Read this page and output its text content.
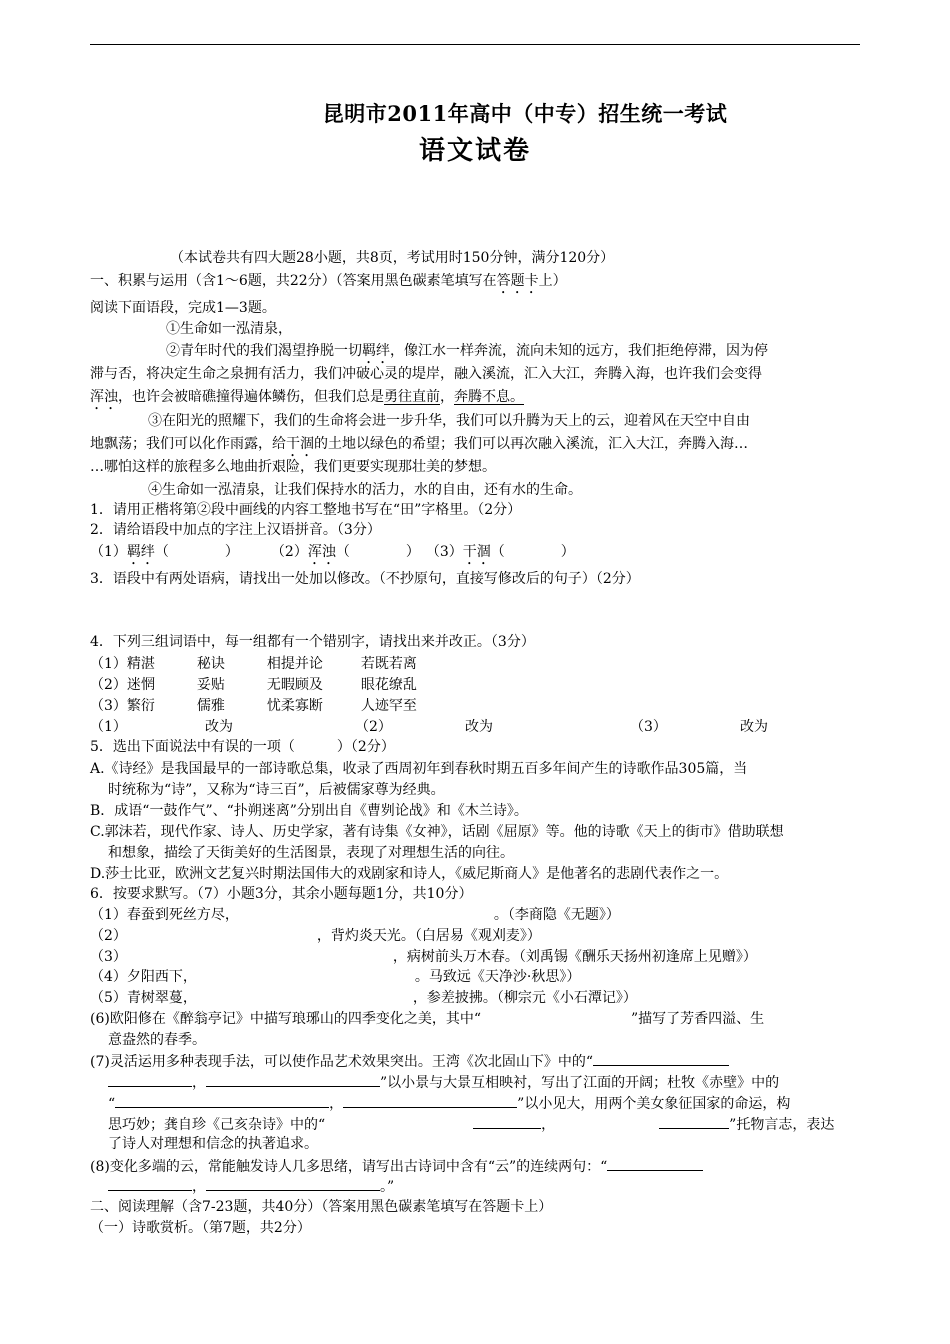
昆明市2011年高中（中专）招生统一考试
语文试卷
（本试卷共有四大题28小题，共8页，考试用时150分钟，满分120分）
一、积累与运用（含1～6题，共22分）（答案用黑色碳素笔填写在答题卡上）
阅读下面语段，完成1—3题。
①生命如一泓清泉，
②青年时代的我们渴望挣脱一切羁绊，像江水一样奔流，流向未知的远方，我们拒绝停滞，因为停
滞与否，将决定生命之泉拥有活力，我们冲破心灵的堤岸，融入溪流，汇入大江，奔腾入海，也许我们会变得
浑浊，也许会被暗礁撞得遍体鳞伤，但我们总是勇往直前，奔腾不息。
③在阳光的照耀下，我们的生命将会进一步升华，我们可以升腾为天上的云，迎着风在天空中自由
地飘荡；我们可以化作雨露，给干涸的土地以绿色的希望；我们可以再次融入溪流，汇入大江，奔腾入海…
…哪怕这样的旅程多么地曲折艰险，我们更要实现那壮美的梦想。
④生命如一泓清泉，让我们保持水的活力，水的自由，还有水的生命。
1．请用正楷将第②段中画线的内容工整地书写在“田”字格里。（2分）
2．请给语段中加点的字注上汉语拼音。（3分）
（1）羁绊（	） （2）浑浊（	） （3）干涸（	）
3．语段中有两处语病，请找出一处加以修改。（不抄原句，直接写修改后的句子）（2分）
4．下列三组词语中，每一组都有一个错别字，请找出来并改正。（3分）
（1）精湛	秘诀	相提并论	若既若离
（2）迷惘	妥贴	无暇顾及	眼花缭乱
（3）繁衍	儒雅	忧柔寡断	人迹罕至
（1）	改为	（2）	改为	（3）	改为
5．选出下面说法中有误的一项（　　　）（2分）
A.《诗经》是我国最早的一部诗歌总集，收录了西周初年到春秋时期五百多年间产生的诗歌作品305篇，当
时统称为“诗”，又称为“诗三百”，后被儒家尊为经典。
B．成语“一鼓作气”、“扑朔迷离”分别出自《曹刿论战》和《木兰诗》。
C.郭沫若，现代作家、诗人、历史学家，著有诗集《女神》，话剧《屈原》等。他的诗歌《天上的街市》借助联想
和想象，描绘了天街美好的生活图景，表现了对理想生活的向往。
D.莎士比亚，欧洲文艺复兴时期法国伟大的戏剧家和诗人，《威尼斯商人》是他著名的悲剧代表作之一。
6．按要求默写。（7）小题3分，其余小题每题1分，共10分）
（1）春蚕到死丝方尽，	。（李商隐《无题》）
（2）	，背灼炎天光。（白居易《观刈麦》）
（3）	，病树前头万木春。（刘禹锡《酬乐天扬州初逢席上见赠》）
（4）夕阳西下，	。马致远《天净沙·秋思》）
（5）青树翠蔓，	，参差披拂。（柳宗元《小石潭记》）
(6)欧阳修在《醉翁亭记》中描写琅琊山的四季变化之美，其中“	”描写了芳香四溢、生
意盎然的春季。
(7)灵活运用多种表现手法，可以使作品艺术效果突出。王湾《次北固山下》中的“
，	”以小景与大景互相映衬，写出了江面的开阔；杜牧《赤壁》中的
“	，	”以小见大，用两个美女象征国家的命运，构
思巧妙；龚自珍《己亥杂诗》中的“	，	”托物言志，表达
了诗人对理想和信念的执著追求。
(8)变化多端的云，常能触发诗人几多思绪，请写出古诗词中含有“云”的连续两句：“
，	。”
二、阅读理解（含7-23题，共40分）（答案用黑色碳素笔填写在答题卡上）
（一）诗歌赏析。（第7题，共2分）
